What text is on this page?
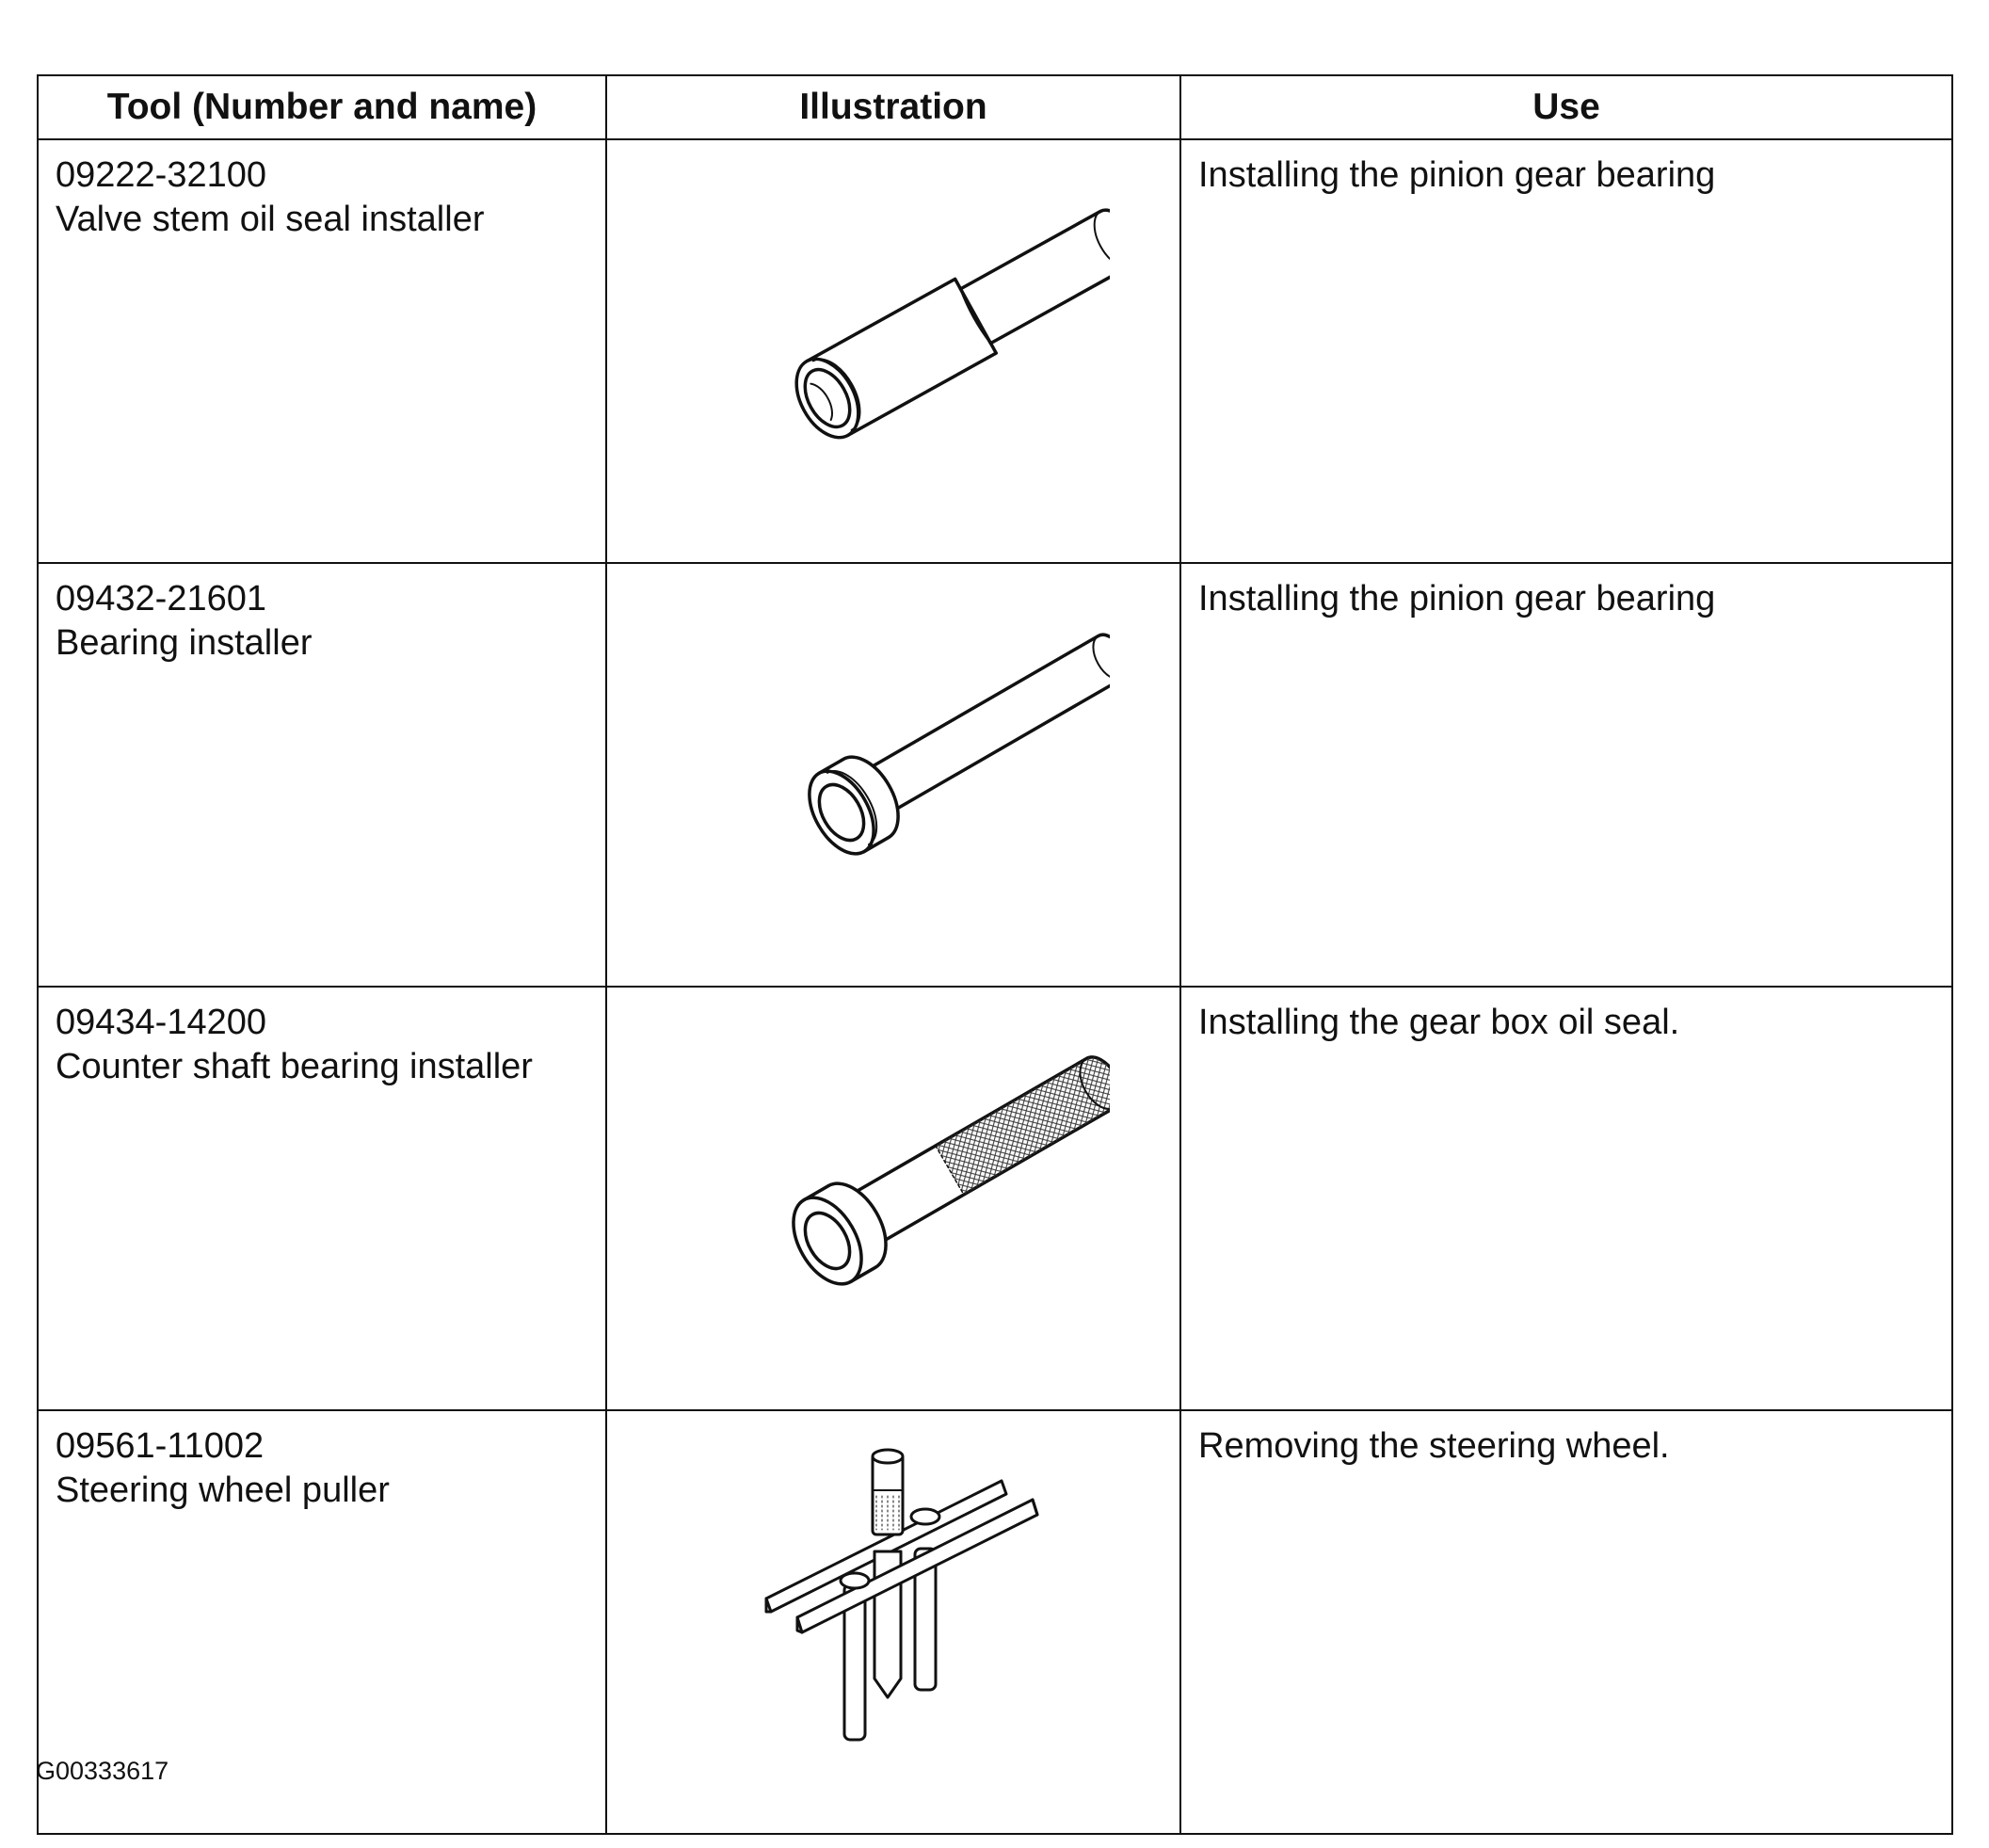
Tool (Number and name)	Illustration	Use

09222-32100
Valve stem oil seal installer		Installing the pinion gear bearing

09432-21601
Bearing installer		Installing the pinion gear bearing

09434-14200
Counter shaft bearing installer		Installing the gear box oil seal.

09561-11002
Steering wheel puller		Removing the steering wheel.
G00333617
